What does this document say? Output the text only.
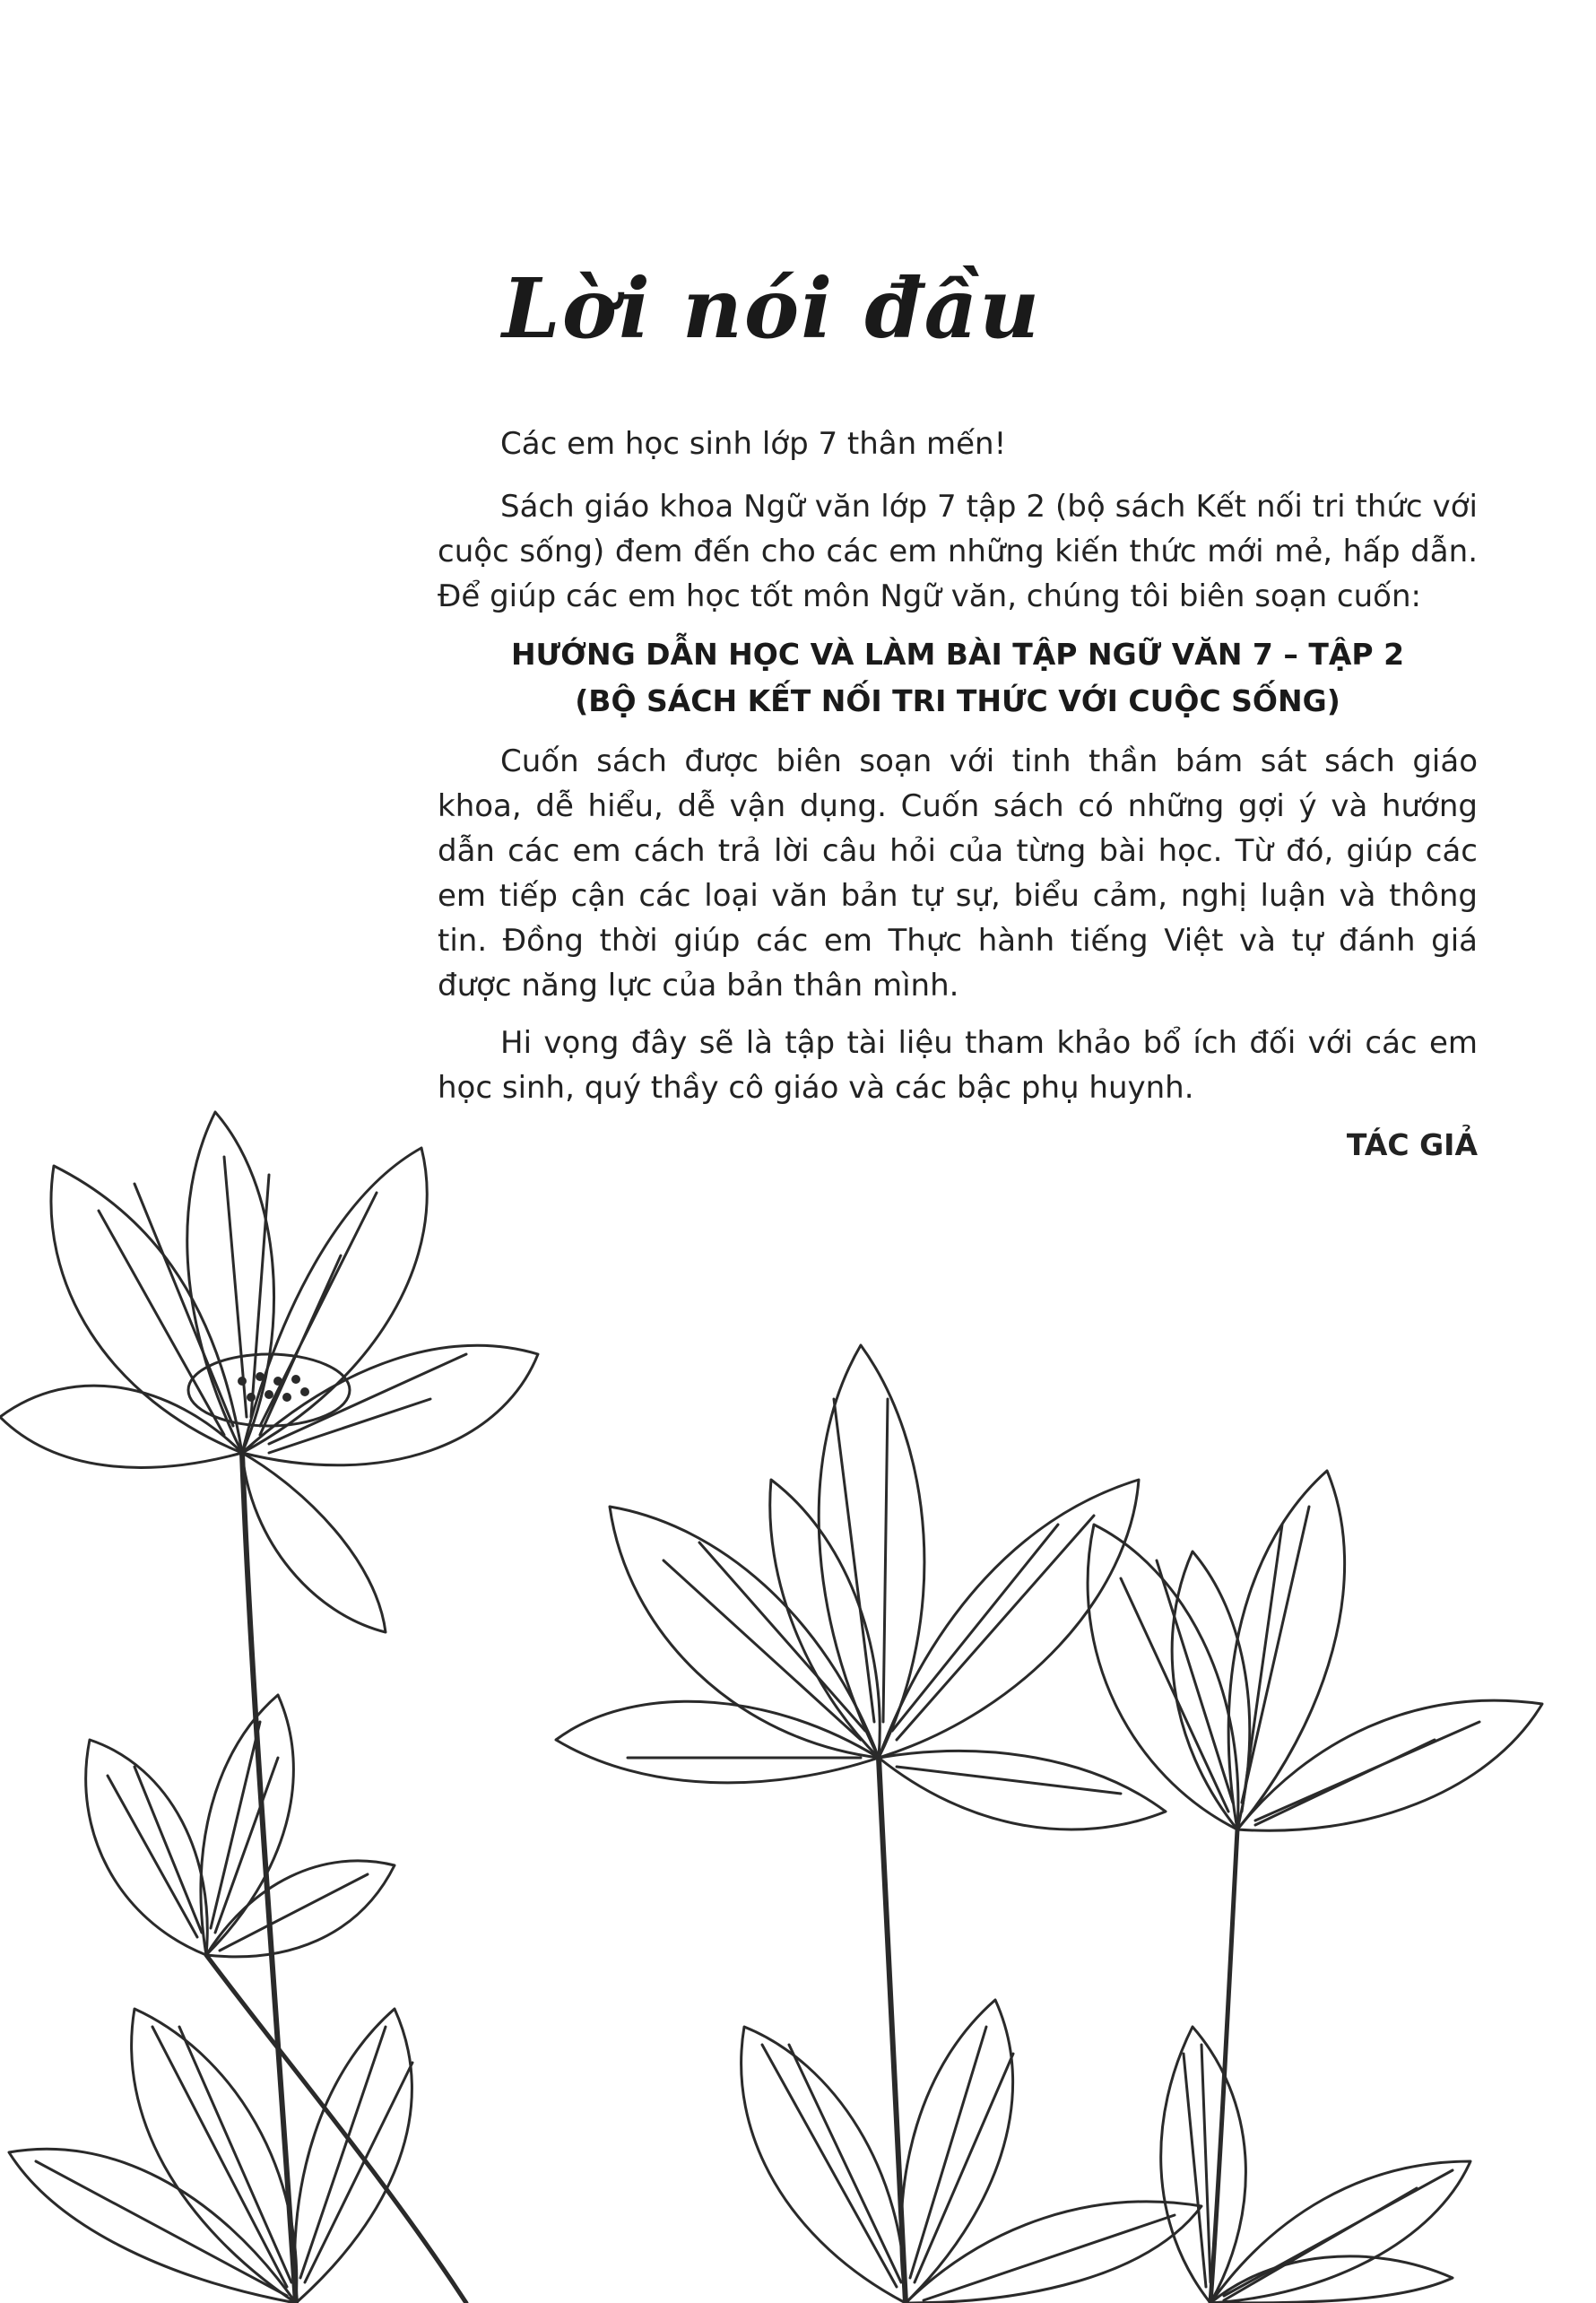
Lời nói đầu

Các em học sinh lớp 7 thân mến!

Sách giáo khoa Ngữ văn lớp 7 tập 2 (bộ sách Kết nối tri thức với cuộc sống) đem đến cho các em những kiến thức mới mẻ, hấp dẫn. Để giúp các em học tốt môn Ngữ văn, chúng tôi biên soạn cuốn:

HƯỚNG DẪN HỌC VÀ LÀM BÀI TẬP NGỮ VĂN 7 – TẬP 2
(BỘ SÁCH KẾT NỐI TRI THỨC VỚI CUỘC SỐNG)

Cuốn sách được biên soạn với tinh thần bám sát sách giáo khoa, dễ hiểu, dễ vận dụng. Cuốn sách có những gợi ý và hướng dẫn các em cách trả lời câu hỏi của từng bài học. Từ đó, giúp các em tiếp cận các loại văn bản tự sự, biểu cảm, nghị luận và thông tin. Đồng thời giúp các em Thực hành tiếng Việt và tự đánh giá được năng lực của bản thân mình.

Hi vọng đây sẽ là tập tài liệu tham khảo bổ ích đối với các em học sinh, quý thầy cô giáo và các bậc phụ huynh.

TÁC GIẢ
